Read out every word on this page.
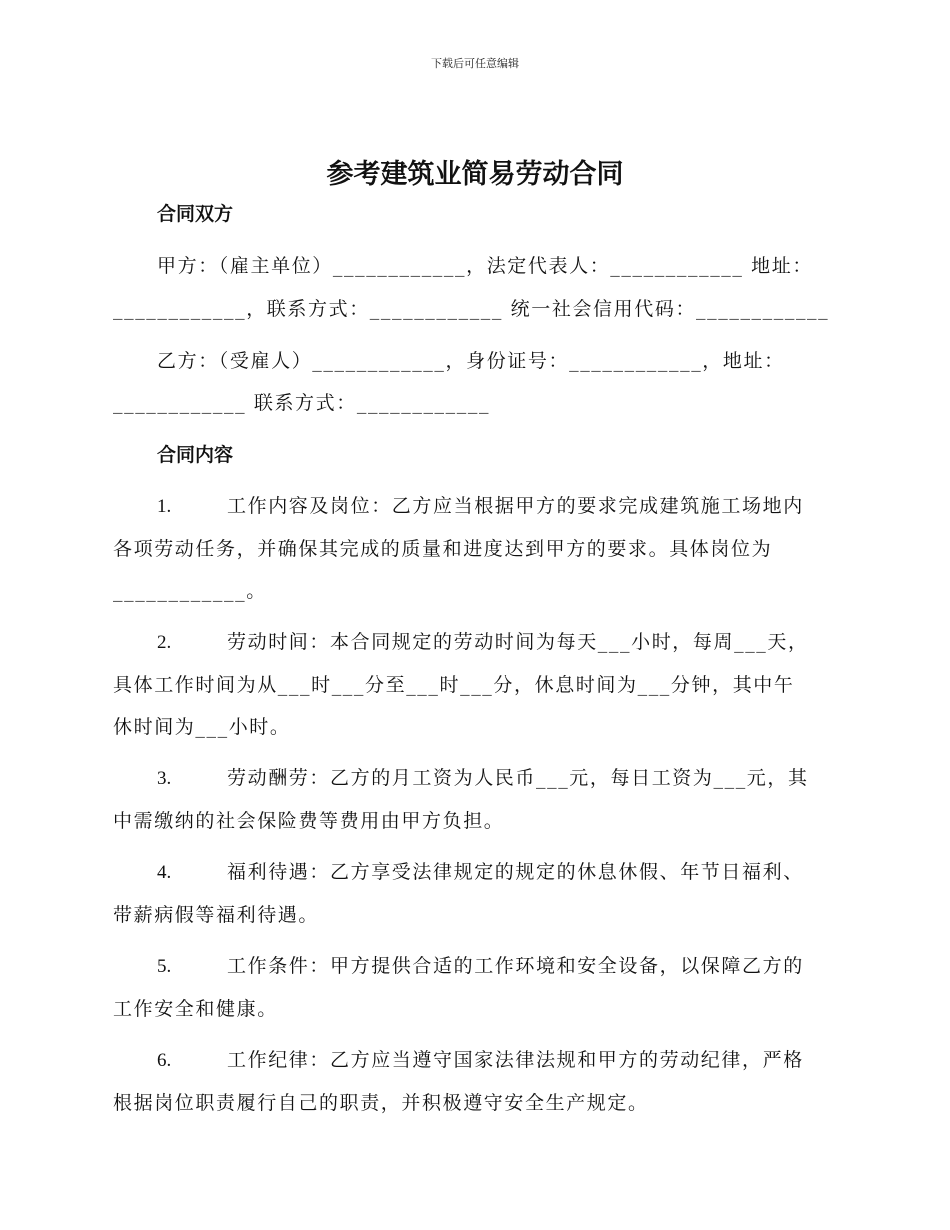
下载后可任意编辑
参考建筑业简易劳动合同
合同双方
甲方：（雇主单位）____________，法定代表人：____________ 地址：
____________，联系方式：____________ 统一社会信用代码：____________
乙方：（受雇人）____________，身份证号：____________，地址：
____________ 联系方式：____________
合同内容
1.	工作内容及岗位：乙方应当根据甲方的要求完成建筑施工场地内
各项劳动任务，并确保其完成的质量和进度达到甲方的要求。具体岗位为
____________。
2.	劳动时间：本合同规定的劳动时间为每天___小时，每周___天，
具体工作时间为从___时___分至___时___分，休息时间为___分钟，其中午
休时间为___小时。
3.	劳动酬劳：乙方的月工资为人民币___元，每日工资为___元，其
中需缴纳的社会保险费等费用由甲方负担。
4.	福利待遇：乙方享受法律规定的规定的休息休假、年节日福利、
带薪病假等福利待遇。
5.	工作条件：甲方提供合适的工作环境和安全设备，以保障乙方的
工作安全和健康。
6.	工作纪律：乙方应当遵守国家法律法规和甲方的劳动纪律，严格
根据岗位职责履行自己的职责，并积极遵守安全生产规定。
